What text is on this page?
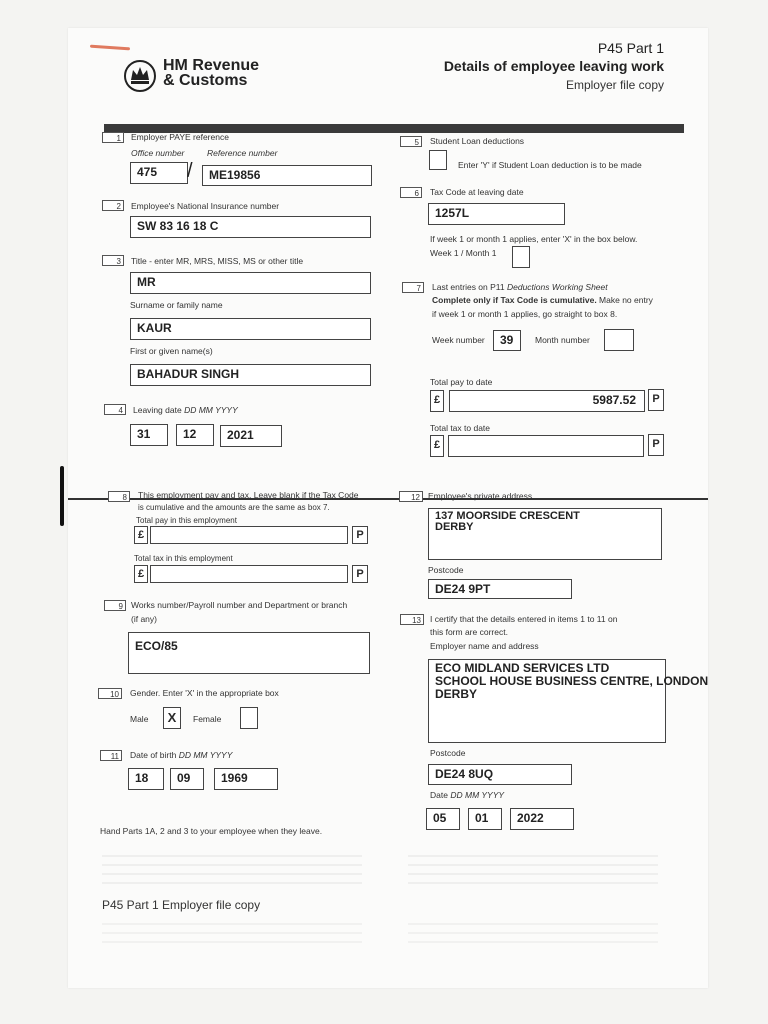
HM Revenue
& Customs
P45 Part 1
Details of employee leaving work
Employer file copy
1	Employer PAYE reference
Office number	Reference number
475	/	ME19856
2	Employee's National Insurance number
SW 83 16 18 C
3	Title - enter MR, MRS, MISS, MS or other title
MR
Surname or family name
KAUR
First or given name(s)
BAHADUR SINGH
4	Leaving date DD MM YYYY
31	12	2021
5	Student Loan deductions
Enter 'Y' if Student Loan deduction is to be made
6	Tax Code at leaving date
1257L
If week 1 or month 1 applies, enter 'X' in the box below.
Week 1 / Month 1
7	Last entries on P11 Deductions Working Sheet
Complete only if Tax Code is cumulative. Make no entry
if week 1 or month 1 applies, go straight to box 8.
Week number	39	Month number
Total pay to date
£	5987.52	P
Total tax to date
£	P
8	This employment pay and tax. Leave blank if the Tax Code
is cumulative and the amounts are the same as box 7.
Total pay in this employment
£	P
Total tax in this employment
£	P
9 Works number/Payroll number and Department or branch
(if any)
ECO/85
10	Gender. Enter 'X' in the appropriate box
Male	X	Female
11	Date of birth DD MM YYYY
18	09	1969
12 Employee's private address
137 MOORSIDE CRESCENT
DERBY
Postcode
DE24 9PT
13	I certify that the details entered in items 1 to 11 on
this form are correct.
Employer name and address
ECO MIDLAND SERVICES LTD
SCHOOL HOUSE BUSINESS CENTRE, LONDON
DERBY
Postcode
DE24 8UQ
Date DD MM YYYY
05	01	2022
Hand Parts 1A, 2 and 3 to your employee when they leave.
P45 Part 1 Employer file copy
